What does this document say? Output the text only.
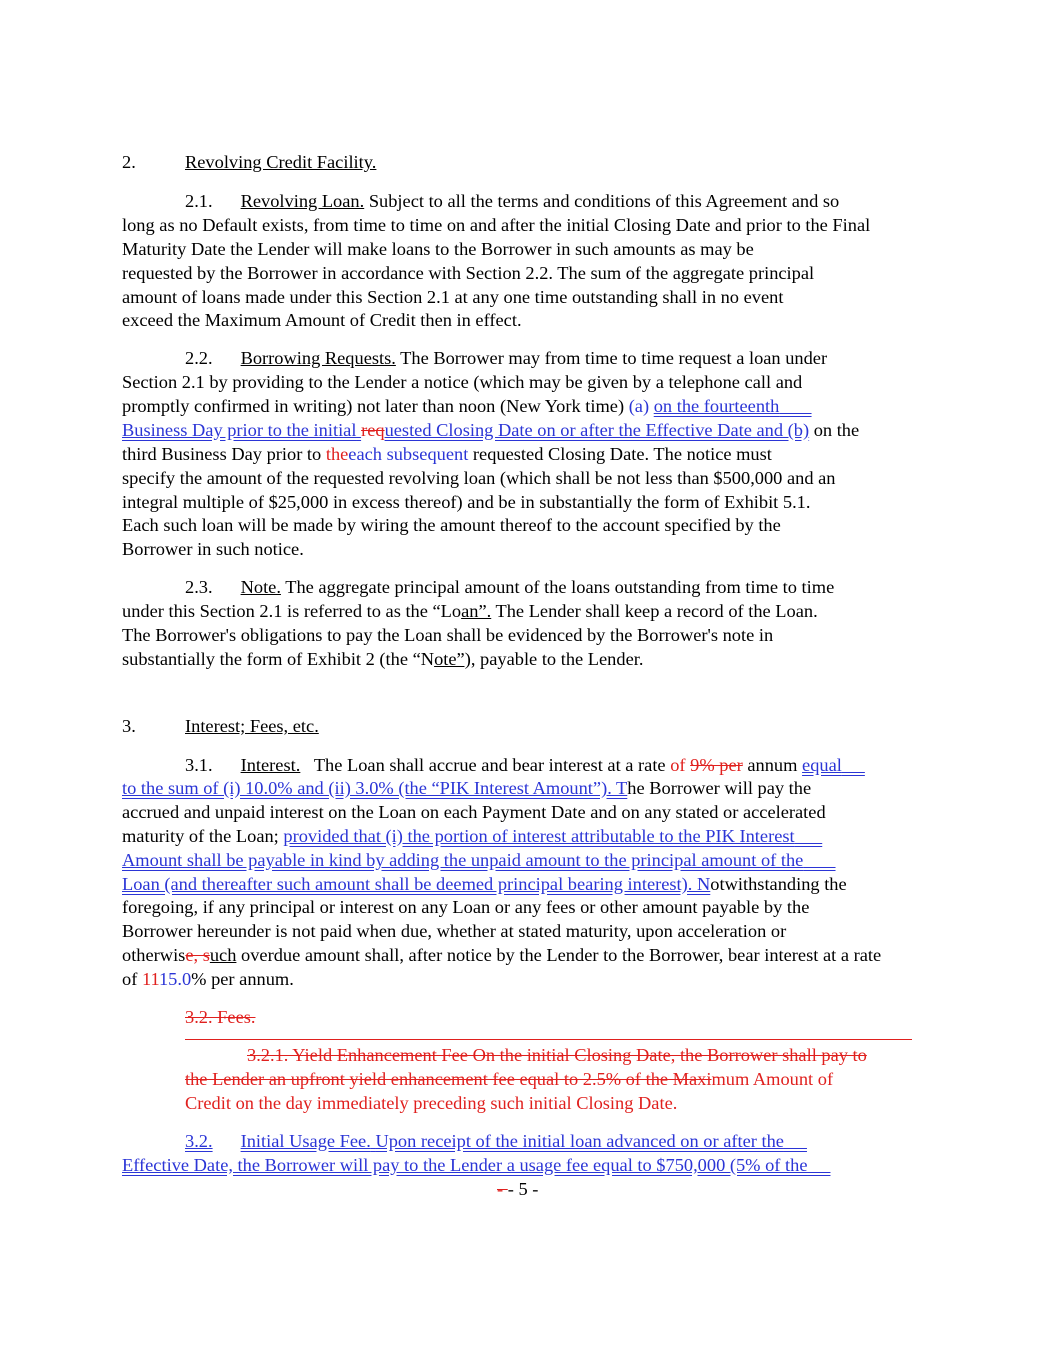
2.	Revolving Credit Facility.
2.1. Revolving Loan. Subject to all the terms and conditions of this Agreement and so
long as no Default exists, from time to time on and after the initial Closing Date and prior to the Final
Maturity Date the Lender will make loans to the Borrower in such amounts as may be
requested by the Borrower in accordance with Section 2.2. The sum of the aggregate principal
amount of loans made under this Section 2.1 at any one time outstanding shall in no event
exceed the Maximum Amount of Credit then in effect.
2.2. Borrowing Requests. The Borrower may from time to time request a loan under
Section 2.1 by providing to the Lender a notice (which may be given by a telephone call and
promptly confirmed in writing) not later than noon (New York time) (a) on the fourteenth
Business Day prior to the initial requested Closing Date on or after the Effective Date and (b) on the
third Business Day prior to theeach subsequent requested Closing Date. The notice must
specify the amount of the requested revolving loan (which shall be not less than $500,000 and an
integral multiple of $25,000 in excess thereof) and be in substantially the form of Exhibit 5.1.
Each such loan will be made by wiring the amount thereof to the account specified by the
Borrower in such notice.
2.3. Note. The aggregate principal amount of the loans outstanding from time to time
under this Section 2.1 is referred to as the “Loan”. The Lender shall keep a record of the Loan.
The Borrower's obligations to pay the Loan shall be evidenced by the Borrower's note in
substantially the form of Exhibit 2 (the “Note”), payable to the Lender.
3.	Interest; Fees, etc.
3.1. Interest. The Loan shall accrue and bear interest at a rate of 9% per annum equal
to the sum of (i) 10.0% and (ii) 3.0% (the “PIK Interest Amount”). The Borrower will pay the
accrued and unpaid interest on the Loan on each Payment Date and on any stated or accelerated
maturity of the Loan; provided that (i) the portion of interest attributable to the PIK Interest
Amount shall be payable in kind by adding the unpaid amount to the principal amount of the
Loan (and thereafter such amount shall be deemed principal bearing interest). Notwithstanding the
foregoing, if any principal or interest on any Loan or any fees or other amount payable by the
Borrower hereunder is not paid when due, whether at stated maturity, upon acceleration or
otherwise, such overdue amount shall, after notice by the Lender to the Borrower, bear interest at a rate
of 1115.0% per annum.
3.2. Fees.
3.2.1. Yield Enhancement Fee On the initial Closing Date, the Borrower shall pay to
the Lender an upfront yield enhancement fee equal to 2.5% of the Maximum Amount of
Credit on the day immediately preceding such initial Closing Date.
3.2. Initial Usage Fee. Upon receipt of the initial loan advanced on or after the
Effective Date, the Borrower will pay to the Lender a usage fee equal to $750,000 (5% of the
- - 5 -
